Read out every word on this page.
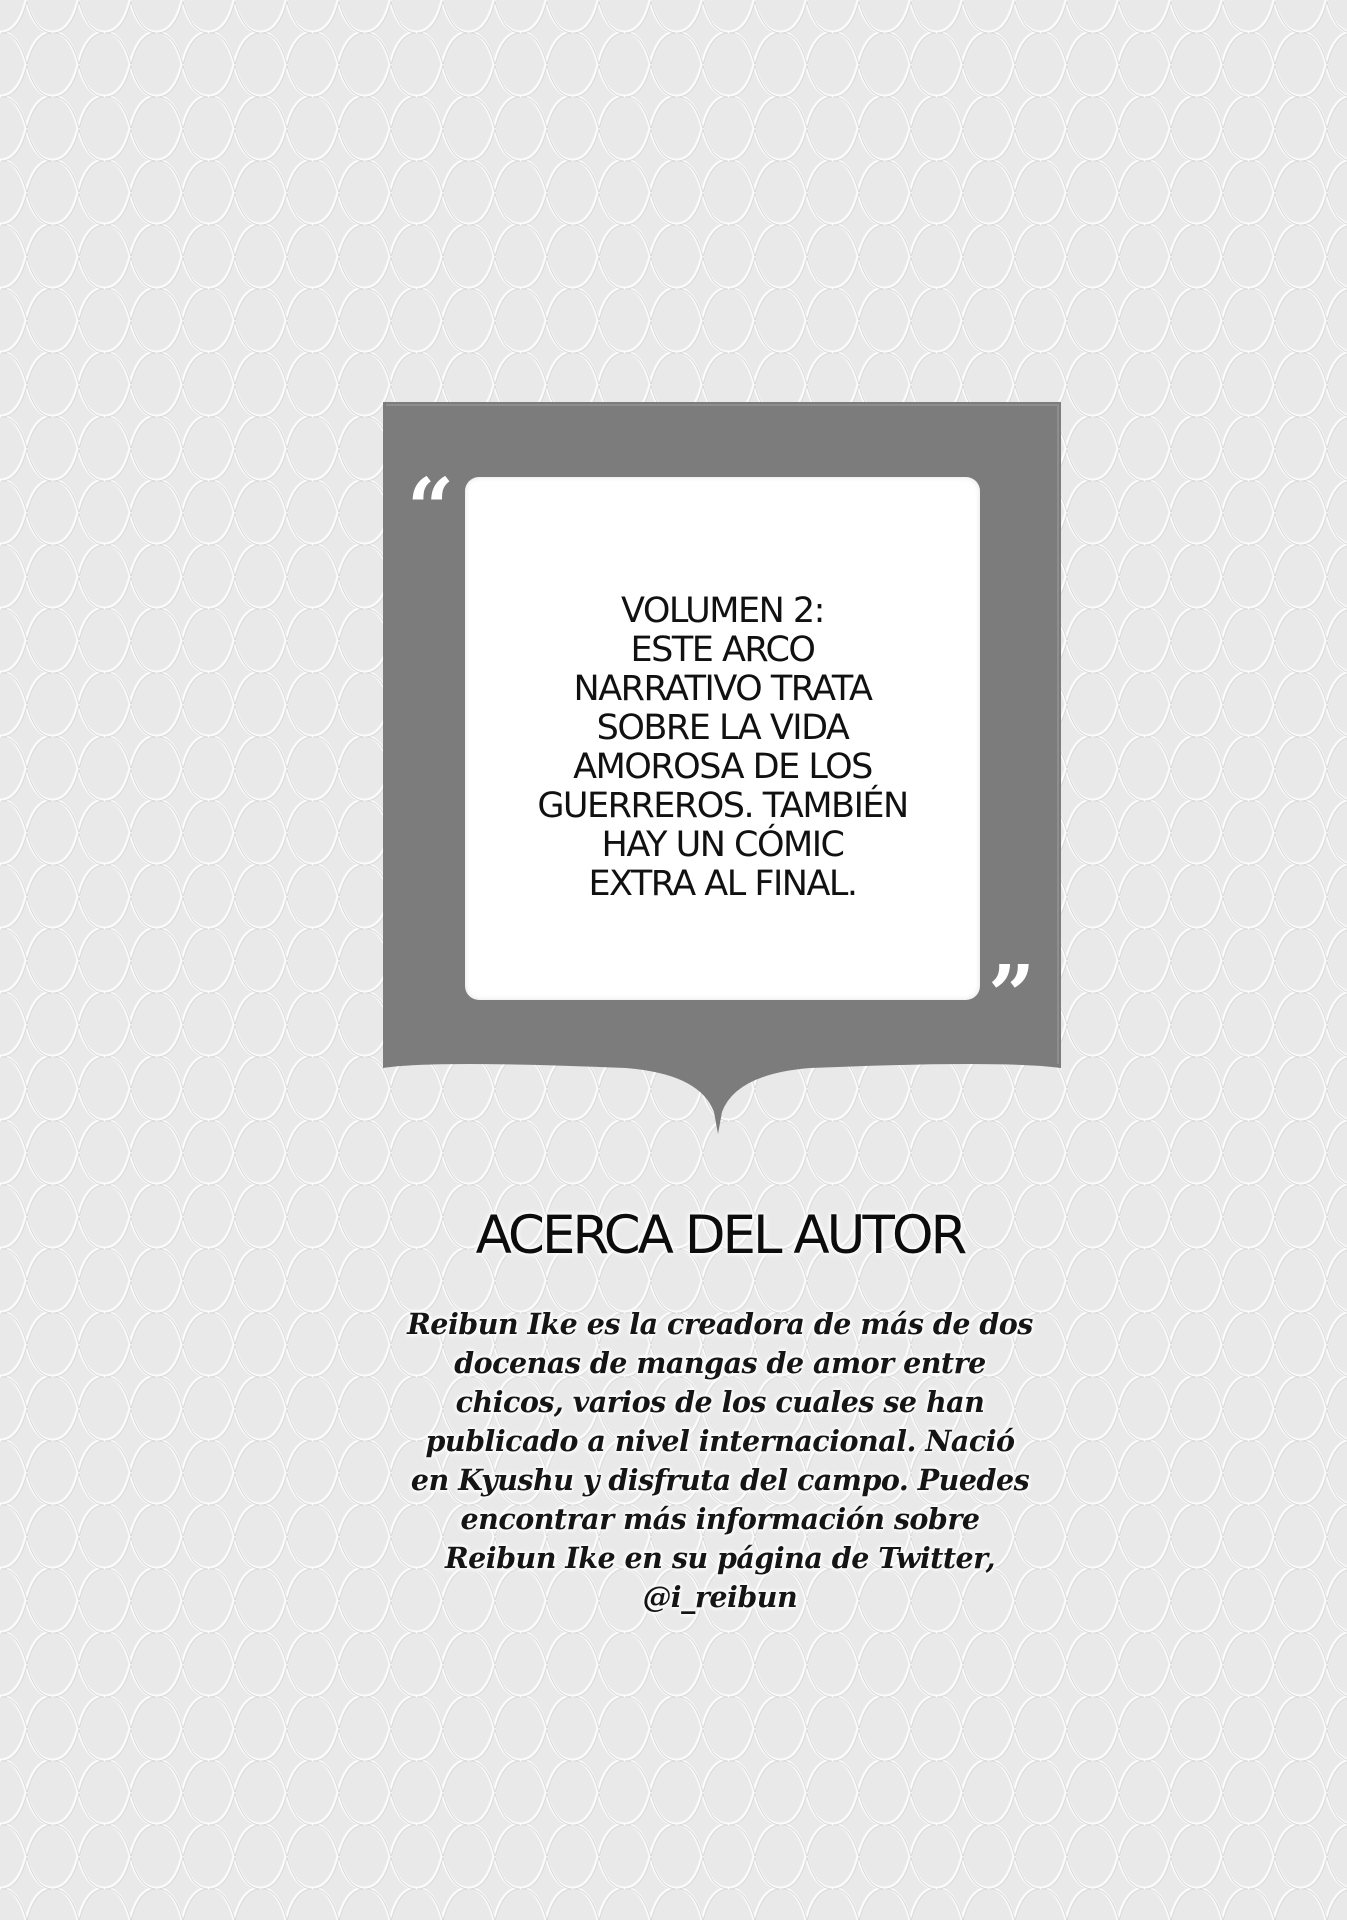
“

VOLUMEN 2:
ESTE ARCO
NARRATIVO TRATA
SOBRE LA VIDA
AMOROSA DE LOS
GUERREROS. TAMBIÉN
HAY UN CÓMIC
EXTRA AL FINAL.

”
ACERCA DEL AUTOR

Reibun Ike es la creadora de más de dos
docenas de mangas de amor entre
chicos, varios de los cuales se han
publicado a nivel internacional. Nació
en Kyushu y disfruta del campo. Puedes
encontrar más información sobre
Reibun Ike en su página de Twitter,
@i_reibun
